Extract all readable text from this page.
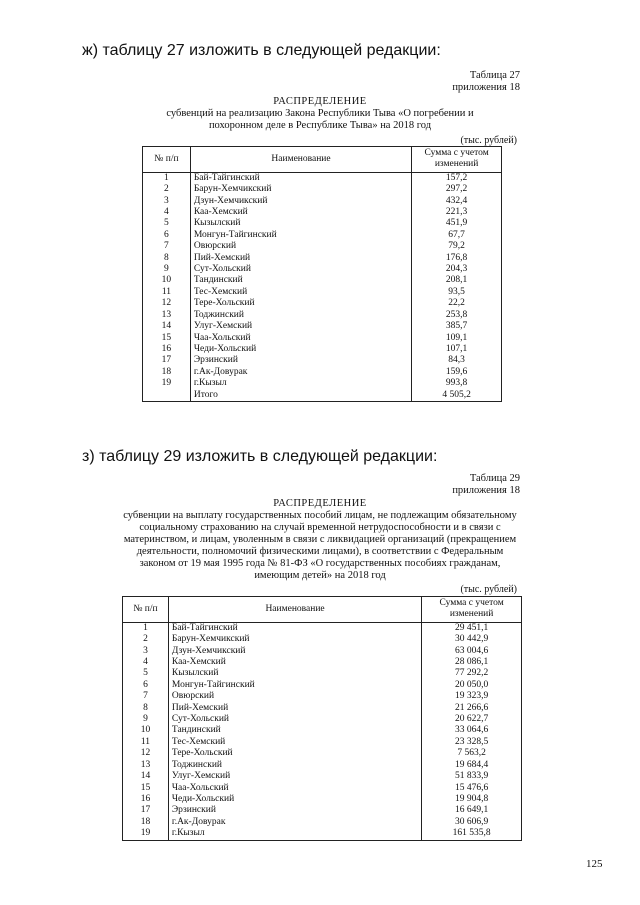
ж) таблицу 27 изложить в следующей редакции:
Таблица 27
приложения 18
РАСПРЕДЕЛЕНИЕ
субвенций на реализацию Закона Республики Тыва «О погребении и похоронном деле в Республике Тыва» на 2018 год
(тыс. рублей)
№ п/п	Наименование	Сумма с учетом изменений
1	Бай-Тайгинский	157,2
2	Барун-Хемчикский	297,2
3	Дзун-Хемчикский	432,4
4	Каа-Хемский	221,3
5	Кызылский	451,9
6	Монгун-Тайгинский	67,7
7	Овюрский	79,2
8	Пий-Хемский	176,8
9	Сут-Хольский	204,3
10	Тандинский	208,1
11	Тес-Хемский	93,5
12	Тере-Хольский	22,2
13	Тоджинский	253,8
14	Улуг-Хемский	385,7
15	Чаа-Хольский	109,1
16	Чеди-Хольский	107,1
17	Эрзинский	84,3
18	г.Ак-Довурак	159,6
19	г.Кызыл	993,8
	Итого	4 505,2
з) таблицу 29 изложить в следующей редакции:
Таблица 29
приложения 18
РАСПРЕДЕЛЕНИЕ
субвенции на выплату государственных пособий лицам, не подлежащим обязательному социальному страхованию на случай временной нетрудоспособности и в связи с материнством, и лицам, уволенным в связи с ликвидацией организаций (прекращением деятельности, полномочий физическими лицами), в соответствии с Федеральным законом от 19 мая 1995 года № 81-ФЗ «О государственных пособиях гражданам, имеющим детей» на 2018 год
(тыс. рублей)
№ п/п	Наименование	Сумма с учетом изменений
1	Бай-Тайгинский	29 451,1
2	Барун-Хемчикский	30 442,9
3	Дзун-Хемчикский	63 004,6
4	Каа-Хемский	28 086,1
5	Кызылский	77 292,2
6	Монгун-Тайгинский	20 050,0
7	Овюрский	19 323,9
8	Пий-Хемский	21 266,6
9	Сут-Хольский	20 622,7
10	Тандинский	33 064,6
11	Тес-Хемский	23 328,5
12	Тере-Хольский	7 563,2
13	Тоджинский	19 684,4
14	Улуг-Хемский	51 833,9
15	Чаа-Хольский	15 476,6
16	Чеди-Хольский	19 904,8
17	Эрзинский	16 649,1
18	г.Ак-Довурак	30 606,9
19	г.Кызыл	161 535,8
125
